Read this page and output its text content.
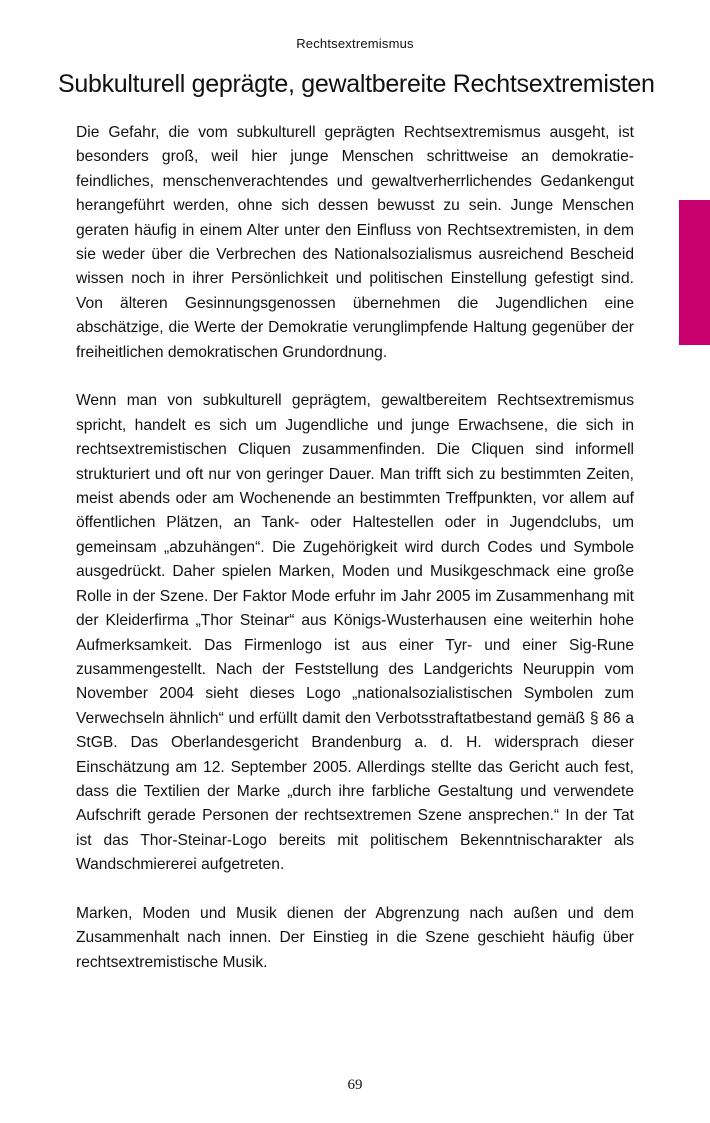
Rechtsextremismus
Subkulturell geprägte, gewaltbereite Rechtsextremisten

Die Gefahr, die vom subkulturell geprägten Rechtsextremismus ausgeht, ist besonders groß, weil hier junge Menschen schrittweise an demokratiefeindliches, menschenverachtendes und gewaltverherrlichendes Gedankengut herangeführt werden, ohne sich dessen bewusst zu sein. Junge Menschen geraten häufig in einem Alter unter den Einfluss von Rechtsextremisten, in dem sie weder über die Verbrechen des Nationalsozialismus ausreichend Bescheid wissen noch in ihrer Persönlichkeit und politischen Einstellung gefestigt sind. Von älteren Gesinnungsgenossen übernehmen die Jugendlichen eine abschätzige, die Werte der Demokratie verunglimpfende Haltung gegenüber der freiheitlichen demokratischen Grundordnung.

Wenn man von subkulturell geprägtem, gewaltbereitem Rechtsextremismus spricht, handelt es sich um Jugendliche und junge Erwachsene, die sich in rechtsextremistischen Cliquen zusammenfinden. Die Cliquen sind informell strukturiert und oft nur von geringer Dauer. Man trifft sich zu bestimmten Zeiten, meist abends oder am Wochenende an bestimmten Treffpunkten, vor allem auf öffentlichen Plätzen, an Tank- oder Haltestellen oder in Jugendclubs, um gemeinsam „abzuhängen“. Die Zugehörigkeit wird durch Codes und Symbole ausgedrückt. Daher spielen Marken, Moden und Musikgeschmack eine große Rolle in der Szene. Der Faktor Mode erfuhr im Jahr 2005 im Zusammenhang mit der Kleiderfirma „Thor Steinar“ aus Königs-Wusterhausen eine weiterhin hohe Aufmerksamkeit. Das Firmenlogo ist aus einer Tyr- und einer Sig-Rune zusammengestellt. Nach der Feststellung des Landgerichts Neuruppin vom November 2004 sieht dieses Logo „nationalsozialistischen Symbolen zum Verwechseln ähnlich“ und erfüllt damit den Verbotsstraftatbestand gemäß § 86 a StGB. Das Oberlandesgericht Brandenburg a. d. H. widersprach dieser Einschätzung am 12. September 2005. Allerdings stellte das Gericht auch fest, dass die Textilien der Marke „durch ihre farbliche Gestaltung und verwendete Aufschrift gerade Personen der rechtsextremen Szene ansprechen.“ In der Tat ist das Thor-Steinar-Logo bereits mit politischem Bekenntnischarakter als Wandschmiererei aufgetreten.

Marken, Moden und Musik dienen der Abgrenzung nach außen und dem Zusammenhalt nach innen. Der Einstieg in die Szene geschieht häufig über rechtsextremistische Musik.

69
